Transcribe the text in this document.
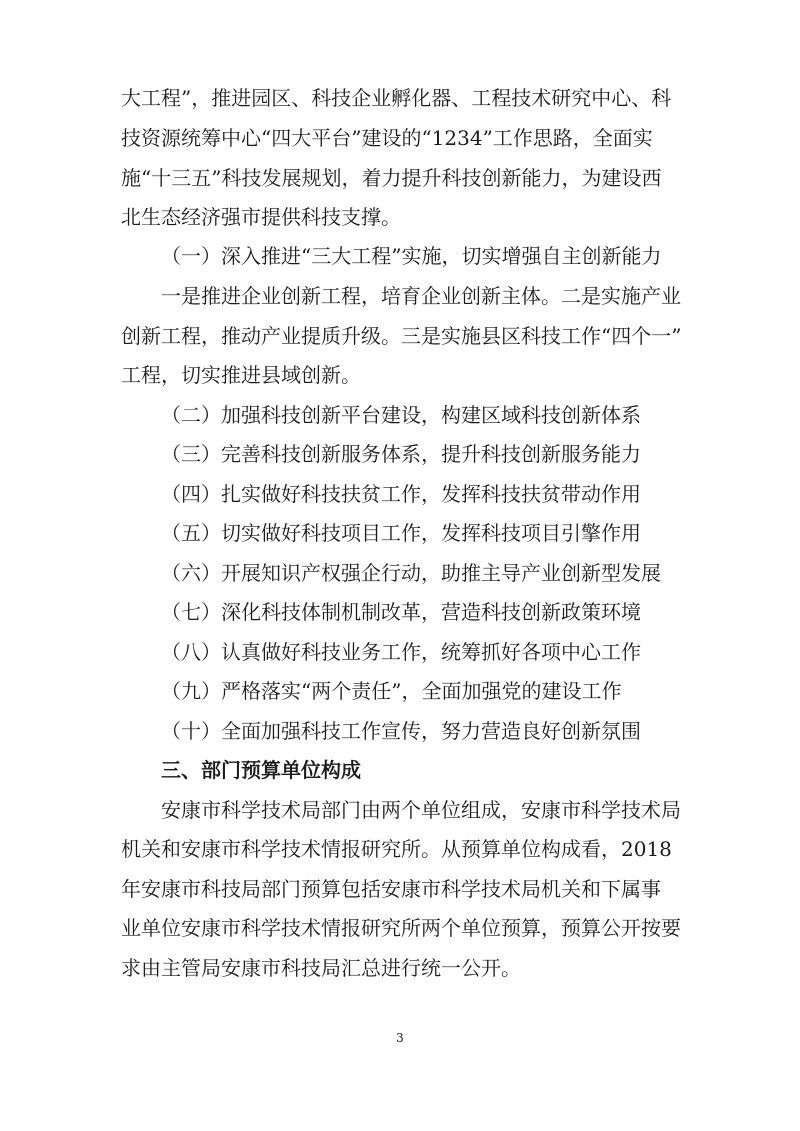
大工程”，推进园区、科技企业孵化器、工程技术研究中心、科
技资源统筹中心“四大平台”建设的“1234”工作思路，全面实
施“十三五”科技发展规划，着力提升科技创新能力，为建设西
北生态经济强市提供科技支撑。
（一）深入推进“三大工程”实施，切实增强自主创新能力
一是推进企业创新工程，培育企业创新主体。二是实施产业
创新工程，推动产业提质升级。三是实施县区科技工作“四个一”
工程，切实推进县域创新。
（二）加强科技创新平台建设，构建区域科技创新体系
（三）完善科技创新服务体系，提升科技创新服务能力
（四）扎实做好科技扶贫工作，发挥科技扶贫带动作用
（五）切实做好科技项目工作，发挥科技项目引擎作用
（六）开展知识产权强企行动，助推主导产业创新型发展
（七）深化科技体制机制改革，营造科技创新政策环境
（八）认真做好科技业务工作，统筹抓好各项中心工作
（九）严格落实“两个责任”，全面加强党的建设工作
（十）全面加强科技工作宣传，努力营造良好创新氛围
三、部门预算单位构成
安康市科学技术局部门由两个单位组成，安康市科学技术局
机关和安康市科学技术情报研究所。从预算单位构成看，2018
年安康市科技局部门预算包括安康市科学技术局机关和下属事
业单位安康市科学技术情报研究所两个单位预算，预算公开按要
求由主管局安康市科技局汇总进行统一公开。
3
